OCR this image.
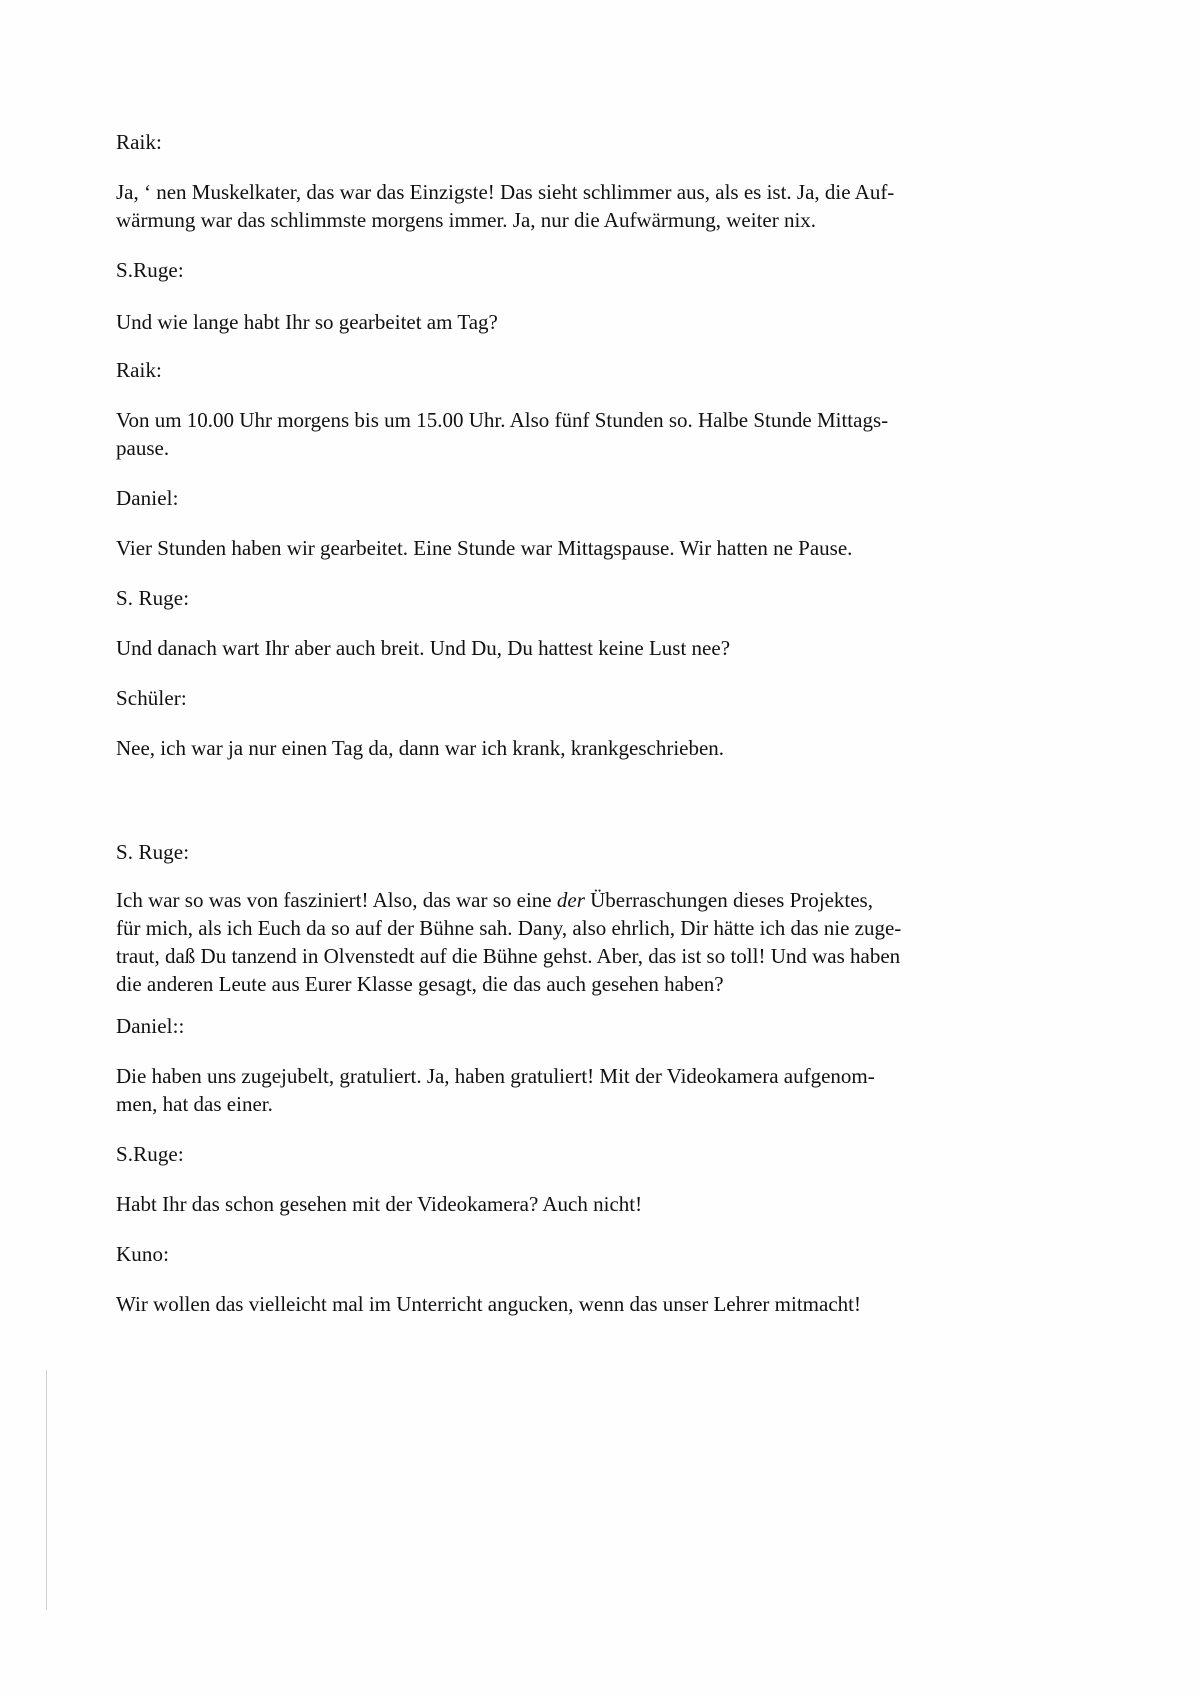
Raik:

Ja, ‘ nen Muskelkater, das war das Einzigste! Das sieht schlimmer aus, als es ist. Ja, die Auf-
wärmung war das schlimmste morgens immer. Ja, nur die Aufwärmung, weiter nix.

S.Ruge:

Und wie lange habt Ihr so gearbeitet am Tag?

Raik:

Von um 10.00 Uhr morgens bis um 15.00 Uhr. Also fünf Stunden so. Halbe Stunde Mittags-
pause.

Daniel:

Vier Stunden haben wir gearbeitet. Eine Stunde war Mittagspause. Wir hatten ne Pause.

S. Ruge:

Und danach wart Ihr aber auch breit. Und Du, Du hattest keine Lust nee?

Schüler:

Nee, ich war ja nur einen Tag da, dann war ich krank, krankgeschrieben.

S. Ruge:

Ich war so was von fasziniert! Also, das war so eine der Überraschungen dieses Projektes,
für mich, als ich Euch da so auf der Bühne sah. Dany, also ehrlich, Dir hätte ich das nie zuge-
traut, daß Du tanzend in Olvenstedt auf die Bühne gehst. Aber, das ist so toll! Und was haben
die anderen Leute aus Eurer Klasse gesagt, die das auch gesehen haben?

Daniel::

Die haben uns zugejubelt, gratuliert. Ja, haben gratuliert! Mit der Videokamera aufgenom-
men, hat das einer.

S.Ruge:

Habt Ihr das schon gesehen mit der Videokamera? Auch nicht!

Kuno:

Wir wollen das vielleicht mal im Unterricht angucken, wenn das unser Lehrer mitmacht!
